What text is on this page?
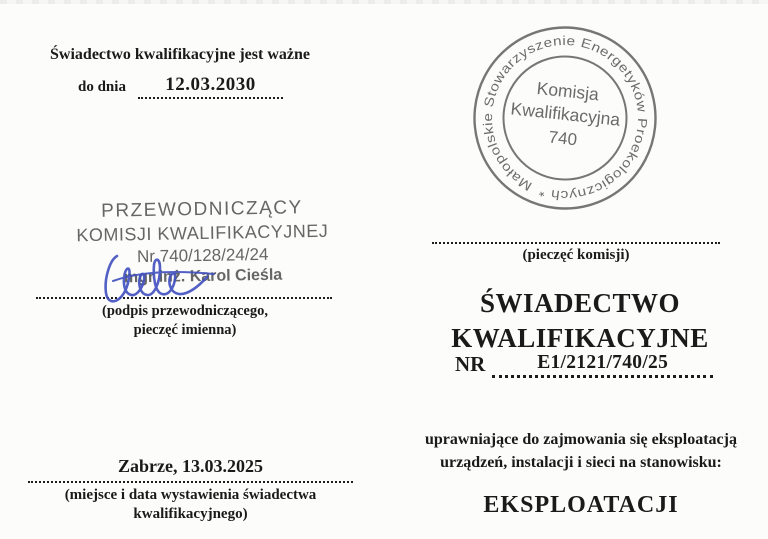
Świadectwo kwalifikacyjne jest ważne
do dnia	12.03.2030
PRZEWODNICZĄCY
KOMISJI KWALIFIKACYJNEJ
Nr 740/128/24/24
mgr inż. Karol Cieśla
(podpis przewodniczącego,
pieczęć imienna)
Zabrze, 13.03.2025
(miejsce i data wystawienia świadectwa
kwalifikacyjnego)
Małopolskie Stowarzyszenie Energetyków Proekologicznych *
Komisja
Kwalifikacyjna
740
(pieczęć komisji)
ŚWIADECTWO
KWALIFIKACYJNE
NR	E1/2121/740/25
uprawniające do zajmowania się eksploatacją
urządzeń, instalacji i sieci na stanowisku:
EKSPLOATACJI
